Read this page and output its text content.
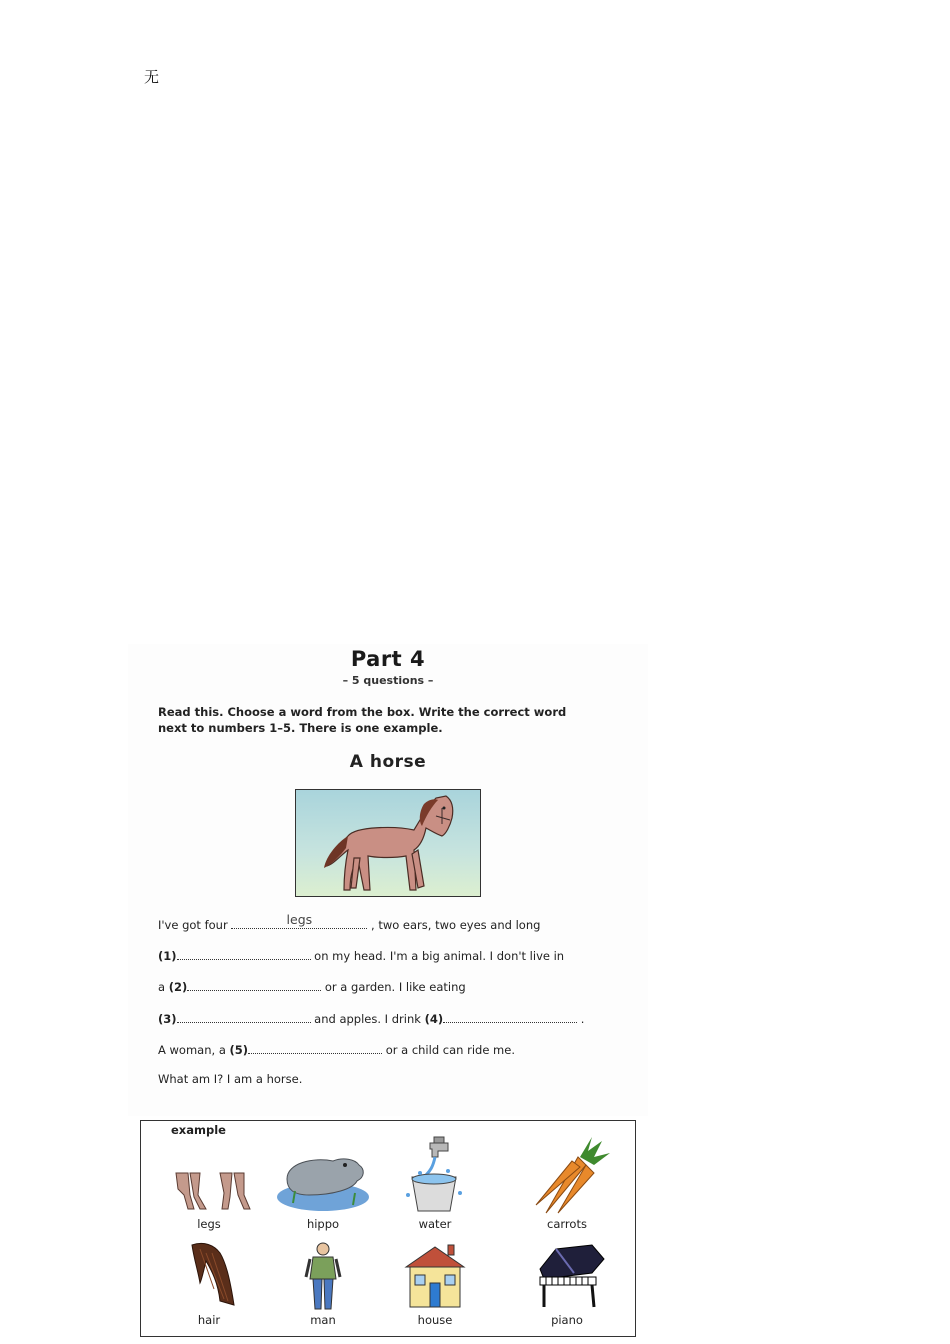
无
Part 4
– 5 questions –
Read this. Choose a word from the box. Write the correct word
next to numbers 1–5. There is one example.
A horse
I've got four	legs	, two ears, two eyes and long
(1)	on my head. I'm a big animal. I don't live in
a (2)	or a garden. I like eating
(3)	and apples. I drink (4)	.
A woman, a (5)	or a child can ride me.
What am I? I am a horse.
example
legs	hippo	water	carrots
hair	man	house	piano
